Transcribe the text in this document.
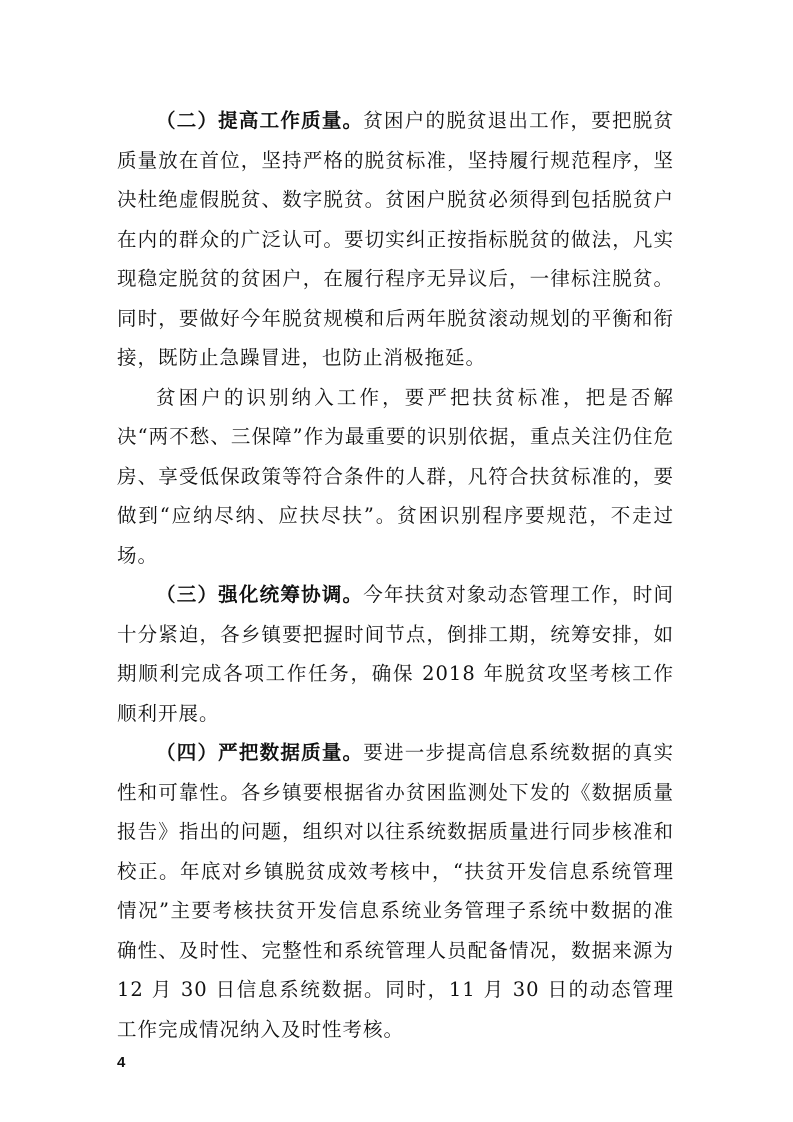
（二）提高工作质量。贫困户的脱贫退出工作，要把脱贫质量放在首位，坚持严格的脱贫标准，坚持履行规范程序，坚决杜绝虚假脱贫、数字脱贫。贫困户脱贫必须得到包括脱贫户在内的群众的广泛认可。要切实纠正按指标脱贫的做法，凡实现稳定脱贫的贫困户，在履行程序无异议后，一律标注脱贫。同时，要做好今年脱贫规模和后两年脱贫滚动规划的平衡和衔接，既防止急躁冒进，也防止消极拖延。

贫困户的识别纳入工作，要严把扶贫标准，把是否解决“两不愁、三保障”作为最重要的识别依据，重点关注仍住危房、享受低保政策等符合条件的人群，凡符合扶贫标准的，要做到“应纳尽纳、应扶尽扶”。贫困识别程序要规范，不走过场。

（三）强化统筹协调。今年扶贫对象动态管理工作，时间十分紧迫，各乡镇要把握时间节点，倒排工期，统筹安排，如期顺利完成各项工作任务，确保 2018 年脱贫攻坚考核工作顺利开展。

（四）严把数据质量。要进一步提高信息系统数据的真实性和可靠性。各乡镇要根据省办贫困监测处下发的《数据质量报告》指出的问题，组织对以往系统数据质量进行同步核准和校正。年底对乡镇脱贫成效考核中，“扶贫开发信息系统管理情况”主要考核扶贫开发信息系统业务管理子系统中数据的准确性、及时性、完整性和系统管理人员配备情况，数据来源为 12 月 30 日信息系统数据。同时，11 月 30 日的动态管理工作完成情况纳入及时性考核。

4
